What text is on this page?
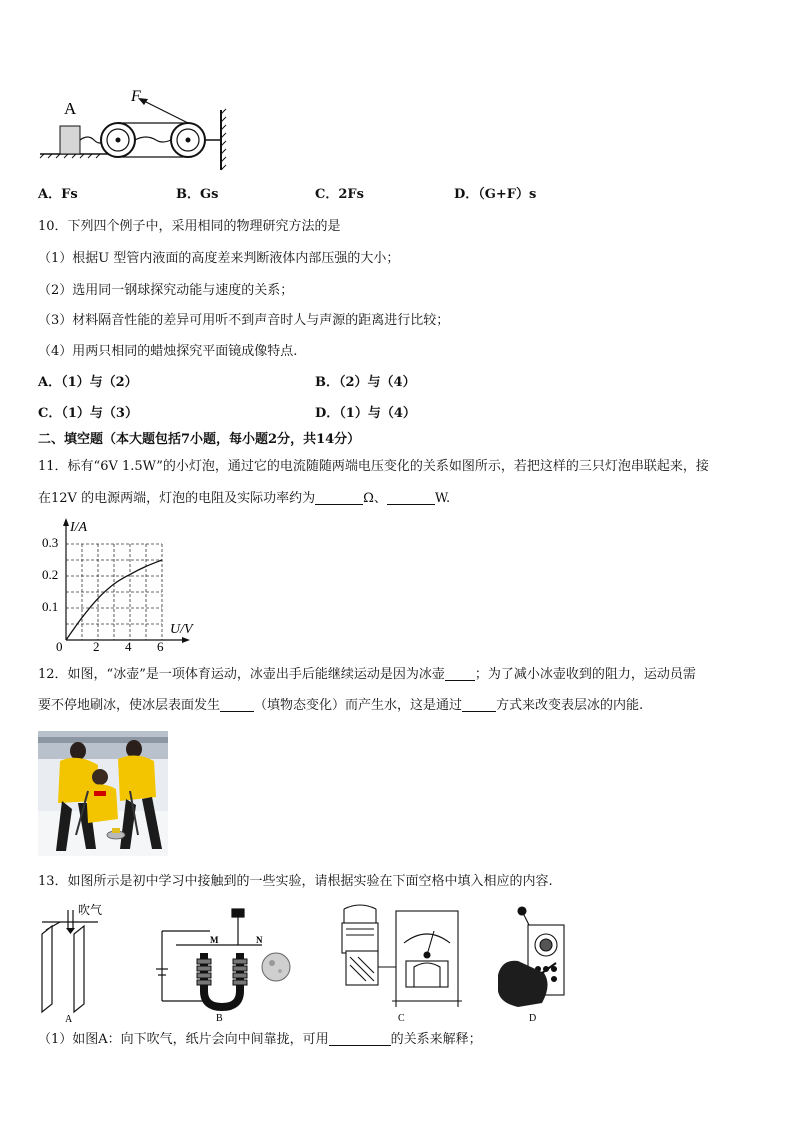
A
F
A．Fs	B．Gs	C．2Fs	D．（G+F）s
10．下列四个例子中，采用相同的物理研究方法的是
（1）根据U 型管内液面的高度差来判断液体内部压强的大小；
（2）选用同一钢球探究动能与速度的关系；
（3）材料隔音性能的差异可用听不到声音时人与声源的距离进行比较；
（4）用两只相同的蜡烛探究平面镜成像特点.
A．（1）与（2）	B．（2）与（4）
C．（1）与（3）	D．（1）与（4）
二、填空题（本大题包括7小题，每小题2分，共14分）
11．标有“6V 1.5W”的小灯泡，通过它的电流随随两端电压变化的关系如图所示，若把这样的三只灯泡串联起来，接
在12V 的电源两端，灯泡的电阻及实际功率约为	Ω、	W.
I/A
U/V
0
0.3
0.2
0.1
2 4 6
12．如图，“冰壶”是一项体育运动，冰壶出手后能继续运动是因为冰壶 ；为了减小冰壶收到的阻力，运动员需
要不停地刷冰，使冰层表面发生	（填物态变化）而产生水，这是通过	方式来改变表层冰的内能.
13．如图所示是初中学习中接触到的一些实验，请根据实验在下面空格中填入相应的内容.
吹气
A
M	N
B	C	D
（1）如图A：向下吹气，纸片会向中间靠拢，可用	的关系来解释；
